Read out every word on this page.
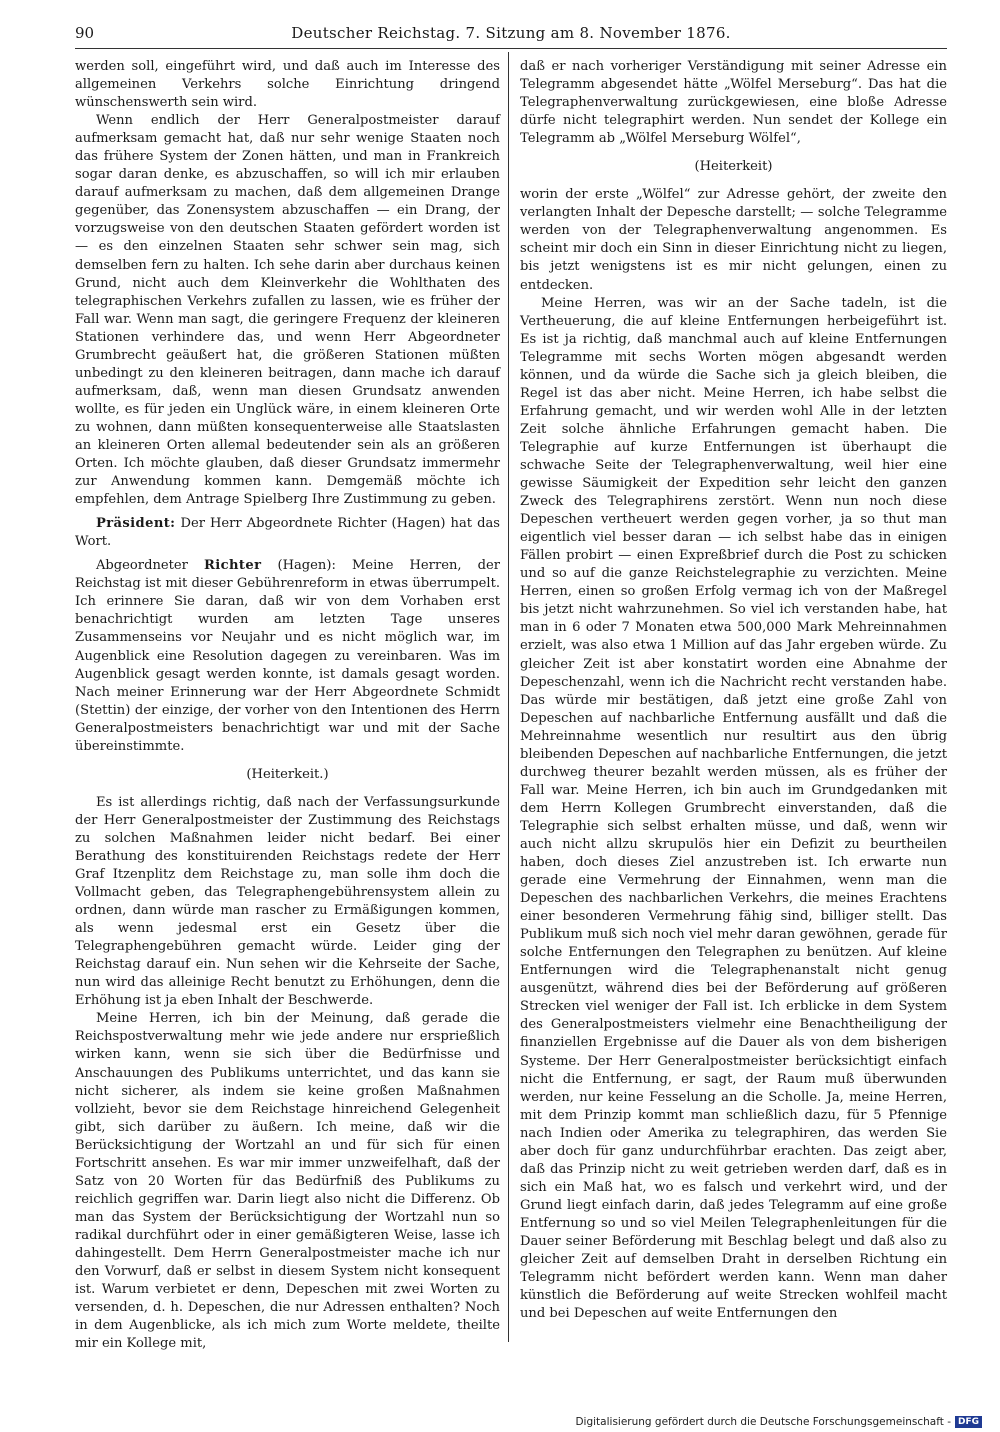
90	Deutscher Reichstag. 7. Sitzung am 8. November 1876.

werden soll, eingeführt wird, und daß auch im Interesse des allgemeinen Verkehrs solche Einrichtung dringend wünschenswerth sein wird.

Wenn endlich der Herr Generalpostmeister darauf aufmerksam gemacht hat, daß nur sehr wenige Staaten noch das frühere System der Zonen hätten, und man in Frankreich sogar daran denke, es abzuschaffen, so will ich mir erlauben darauf aufmerksam zu machen, daß dem allgemeinen Drange gegenüber, das Zonensystem abzuschaffen — ein Drang, der vorzugsweise von den deutschen Staaten gefördert worden ist — es den einzelnen Staaten sehr schwer sein mag, sich demselben fern zu halten. Ich sehe darin aber durchaus keinen Grund, nicht auch dem Kleinverkehr die Wohlthaten des telegraphischen Verkehrs zufallen zu lassen, wie es früher der Fall war. Wenn man sagt, die geringere Frequenz der kleineren Stationen verhindere das, und wenn Herr Abgeordneter Grumbrecht geäußert hat, die größeren Stationen müßten unbedingt zu den kleineren beitragen, dann mache ich darauf aufmerksam, daß, wenn man diesen Grundsatz anwenden wollte, es für jeden ein Unglück wäre, in einem kleineren Orte zu wohnen, dann müßten konsequenterweise alle Staatslasten an kleineren Orten allemal bedeutender sein als an größeren Orten. Ich möchte glauben, daß dieser Grundsatz immermehr zur Anwendung kommen kann. Demgemäß möchte ich empfehlen, dem Antrage Spielberg Ihre Zustimmung zu geben.

Präsident: Der Herr Abgeordnete Richter (Hagen) hat das Wort.

Abgeordneter Richter (Hagen): Meine Herren, der Reichstag ist mit dieser Gebührenreform in etwas überrumpelt. Ich erinnere Sie daran, daß wir von dem Vorhaben erst benachrichtigt wurden am letzten Tage unseres Zusammenseins vor Neujahr und es nicht möglich war, im Augenblick eine Resolution dagegen zu vereinbaren. Was im Augenblick gesagt werden konnte, ist damals gesagt worden. Nach meiner Erinnerung war der Herr Abgeordnete Schmidt (Stettin) der einzige, der vorher von den Intentionen des Herrn Generalpostmeisters benachrichtigt war und mit der Sache übereinstimmte.

(Heiterkeit.)

Es ist allerdings richtig, daß nach der Verfassungsurkunde der Herr Generalpostmeister der Zustimmung des Reichstags zu solchen Maßnahmen leider nicht bedarf. Bei einer Berathung des konstituirenden Reichstags redete der Herr Graf Itzenplitz dem Reichstage zu, man solle ihm doch die Vollmacht geben, das Telegraphengebührensystem allein zu ordnen, dann würde man rascher zu Ermäßigungen kommen, als wenn jedesmal erst ein Gesetz über die Telegraphengebühren gemacht würde. Leider ging der Reichstag darauf ein. Nun sehen wir die Kehrseite der Sache, nun wird das alleinige Recht benutzt zu Erhöhungen, denn die Erhöhung ist ja eben Inhalt der Beschwerde.

Meine Herren, ich bin der Meinung, daß gerade die Reichspostverwaltung mehr wie jede andere nur ersprießlich wirken kann, wenn sie sich über die Bedürfnisse und Anschauungen des Publikums unterrichtet, und das kann sie nicht sicherer, als indem sie keine großen Maßnahmen vollzieht, bevor sie dem Reichstage hinreichend Gelegenheit gibt, sich darüber zu äußern. Ich meine, daß wir die Berücksichtigung der Wortzahl an und für sich für einen Fortschritt ansehen. Es war mir immer unzweifelhaft, daß der Satz von 20 Worten für das Bedürfniß des Publikums zu reichlich gegriffen war. Darin liegt also nicht die Differenz. Ob man das System der Berücksichtigung der Wortzahl nun so radikal durchführt oder in einer gemäßigteren Weise, lasse ich dahingestellt. Dem Herrn Generalpostmeister mache ich nur den Vorwurf, daß er selbst in diesem System nicht konsequent ist. Warum verbietet er denn, Depeschen mit zwei Worten zu versenden, d. h. Depeschen, die nur Adressen enthalten? Noch in dem Augenblicke, als ich mich zum Worte meldete, theilte mir ein Kollege mit,

daß er nach vorheriger Verständigung mit seiner Adresse ein Telegramm abgesendet hätte „Wölfel Merseburg“. Das hat die Telegraphenverwaltung zurückgewiesen, eine bloße Adresse dürfe nicht telegraphirt werden. Nun sendet der Kollege ein Telegramm ab „Wölfel Merseburg Wölfel“,

(Heiterkeit)

worin der erste „Wölfel“ zur Adresse gehört, der zweite den verlangten Inhalt der Depesche darstellt; — solche Telegramme werden von der Telegraphenverwaltung angenommen. Es scheint mir doch ein Sinn in dieser Einrichtung nicht zu liegen, bis jetzt wenigstens ist es mir nicht gelungen, einen zu entdecken.

Meine Herren, was wir an der Sache tadeln, ist die Vertheuerung, die auf kleine Entfernungen herbeigeführt ist. Es ist ja richtig, daß manchmal auch auf kleine Entfernungen Telegramme mit sechs Worten mögen abgesandt werden können, und da würde die Sache sich ja gleich bleiben, die Regel ist das aber nicht. Meine Herren, ich habe selbst die Erfahrung gemacht, und wir werden wohl Alle in der letzten Zeit solche ähnliche Erfahrungen gemacht haben. Die Telegraphie auf kurze Entfernungen ist überhaupt die schwache Seite der Telegraphenverwaltung, weil hier eine gewisse Säumigkeit der Expedition sehr leicht den ganzen Zweck des Telegraphirens zerstört. Wenn nun noch diese Depeschen vertheuert werden gegen vorher, ja so thut man eigentlich viel besser daran — ich selbst habe das in einigen Fällen probirt — einen Expreßbrief durch die Post zu schicken und so auf die ganze Reichstelegraphie zu verzichten. Meine Herren, einen so großen Erfolg vermag ich von der Maßregel bis jetzt nicht wahrzunehmen. So viel ich verstanden habe, hat man in 6 oder 7 Monaten etwa 500,000 Mark Mehreinnahmen erzielt, was also etwa 1 Million auf das Jahr ergeben würde. Zu gleicher Zeit ist aber konstatirt worden eine Abnahme der Depeschenzahl, wenn ich die Nachricht recht verstanden habe. Das würde mir bestätigen, daß jetzt eine große Zahl von Depeschen auf nachbarliche Entfernung ausfällt und daß die Mehreinnahme wesentlich nur resultirt aus den übrig bleibenden Depeschen auf nachbarliche Entfernungen, die jetzt durchweg theurer bezahlt werden müssen, als es früher der Fall war. Meine Herren, ich bin auch im Grundgedanken mit dem Herrn Kollegen Grumbrecht einverstanden, daß die Telegraphie sich selbst erhalten müsse, und daß, wenn wir auch nicht allzu skrupulös hier ein Defizit zu beurtheilen haben, doch dieses Ziel anzustreben ist. Ich erwarte nun gerade eine Vermehrung der Einnahmen, wenn man die Depeschen des nachbarlichen Verkehrs, die meines Erachtens einer besonderen Vermehrung fähig sind, billiger stellt. Das Publikum muß sich noch viel mehr daran gewöhnen, gerade für solche Entfernungen den Telegraphen zu benützen. Auf kleine Entfernungen wird die Telegraphenanstalt nicht genug ausgenützt, während dies bei der Beförderung auf größeren Strecken viel weniger der Fall ist. Ich erblicke in dem System des Generalpostmeisters vielmehr eine Benachtheiligung der finanziellen Ergebnisse auf die Dauer als von dem bisherigen Systeme. Der Herr Generalpostmeister berücksichtigt einfach nicht die Entfernung, er sagt, der Raum muß überwunden werden, nur keine Fesselung an die Scholle. Ja, meine Herren, mit dem Prinzip kommt man schließlich dazu, für 5 Pfennige nach Indien oder Amerika zu telegraphiren, das werden Sie aber doch für ganz undurchführbar erachten. Das zeigt aber, daß das Prinzip nicht zu weit getrieben werden darf, daß es in sich ein Maß hat, wo es falsch und verkehrt wird, und der Grund liegt einfach darin, daß jedes Telegramm auf eine große Entfernung so und so viel Meilen Telegraphenleitungen für die Dauer seiner Beförderung mit Beschlag belegt und daß also zu gleicher Zeit auf demselben Draht in derselben Richtung ein Telegramm nicht befördert werden kann. Wenn man daher künstlich die Beförderung auf weite Strecken wohlfeil macht und bei Depeschen auf weite Entfernungen den

Digitalisierung gefördert durch die Deutsche Forschungsgemeinschaft - DFG
